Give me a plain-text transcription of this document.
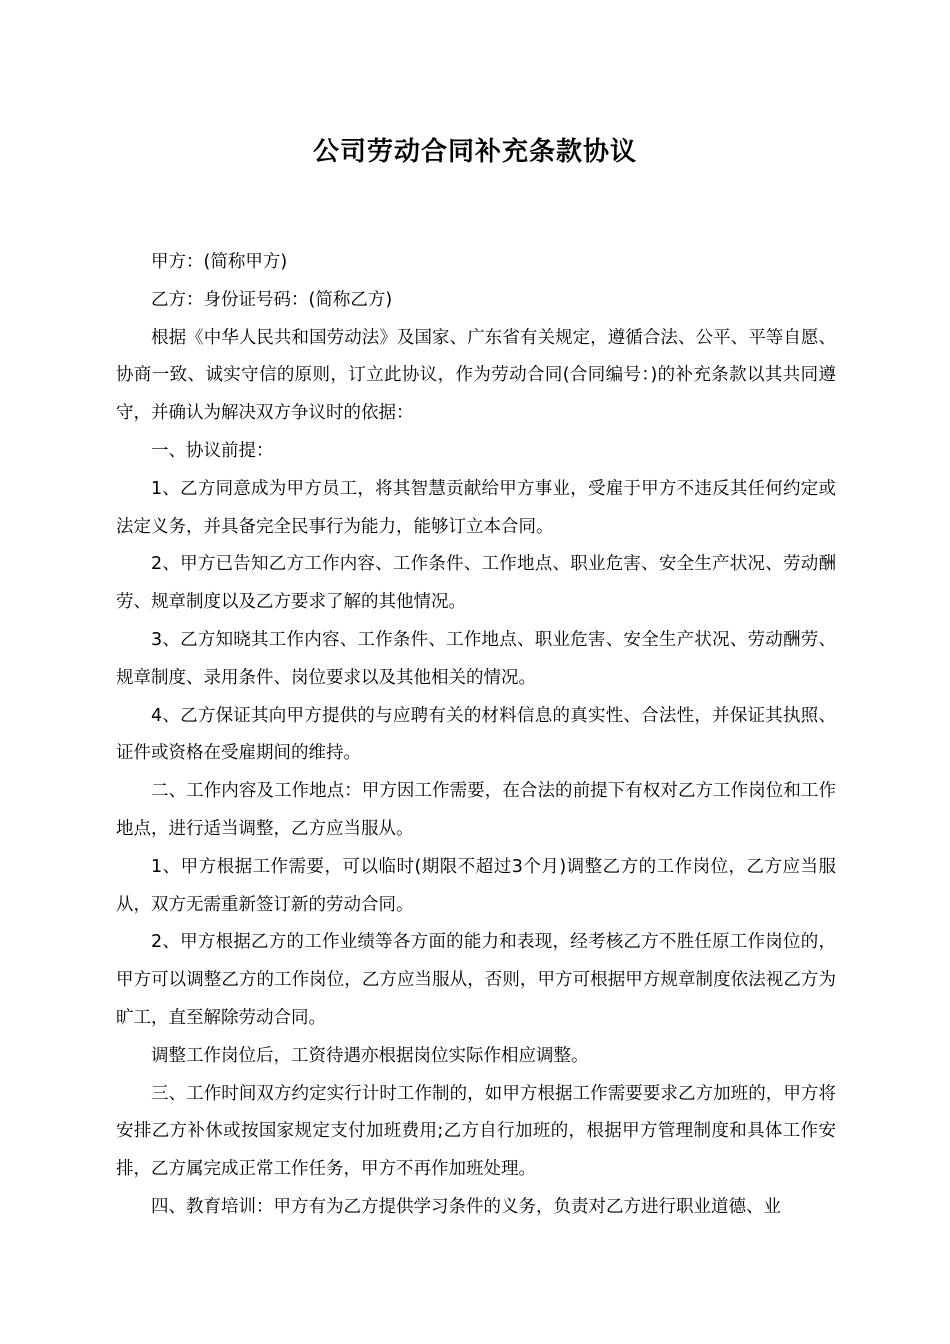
公司劳动合同补充条款协议

甲方：(简称甲方)

乙方：身份证号码：(简称乙方)

根据《中华人民共和国劳动法》及国家、广东省有关规定，遵循合法、公平、平等自愿、协商一致、诚实守信的原则，订立此协议，作为劳动合同(合同编号：)的补充条款以其共同遵守，并确认为解决双方争议时的依据：

一、协议前提：

1、乙方同意成为甲方员工，将其智慧贡献给甲方事业，受雇于甲方不违反其任何约定或法定义务，并具备完全民事行为能力，能够订立本合同。

2、甲方已告知乙方工作内容、工作条件、工作地点、职业危害、安全生产状况、劳动酬劳、规章制度以及乙方要求了解的其他情况。

3、乙方知晓其工作内容、工作条件、工作地点、职业危害、安全生产状况、劳动酬劳、规章制度、录用条件、岗位要求以及其他相关的情况。

4、乙方保证其向甲方提供的与应聘有关的材料信息的真实性、合法性，并保证其执照、证件或资格在受雇期间的维持。

二、工作内容及工作地点：甲方因工作需要，在合法的前提下有权对乙方工作岗位和工作地点，进行适当调整，乙方应当服从。

1、甲方根据工作需要，可以临时(期限不超过3个月)调整乙方的工作岗位，乙方应当服从，双方无需重新签订新的劳动合同。

2、甲方根据乙方的工作业绩等各方面的能力和表现，经考核乙方不胜任原工作岗位的，甲方可以调整乙方的工作岗位，乙方应当服从，否则，甲方可根据甲方规章制度依法视乙方为旷工，直至解除劳动合同。

调整工作岗位后，工资待遇亦根据岗位实际作相应调整。

三、工作时间双方约定实行计时工作制的，如甲方根据工作需要要求乙方加班的，甲方将安排乙方补休或按国家规定支付加班费用;乙方自行加班的，根据甲方管理制度和具体工作安排，乙方属完成正常工作任务，甲方不再作加班处理。

四、教育培训：甲方有为乙方提供学习条件的义务，负责对乙方进行职业道德、业
